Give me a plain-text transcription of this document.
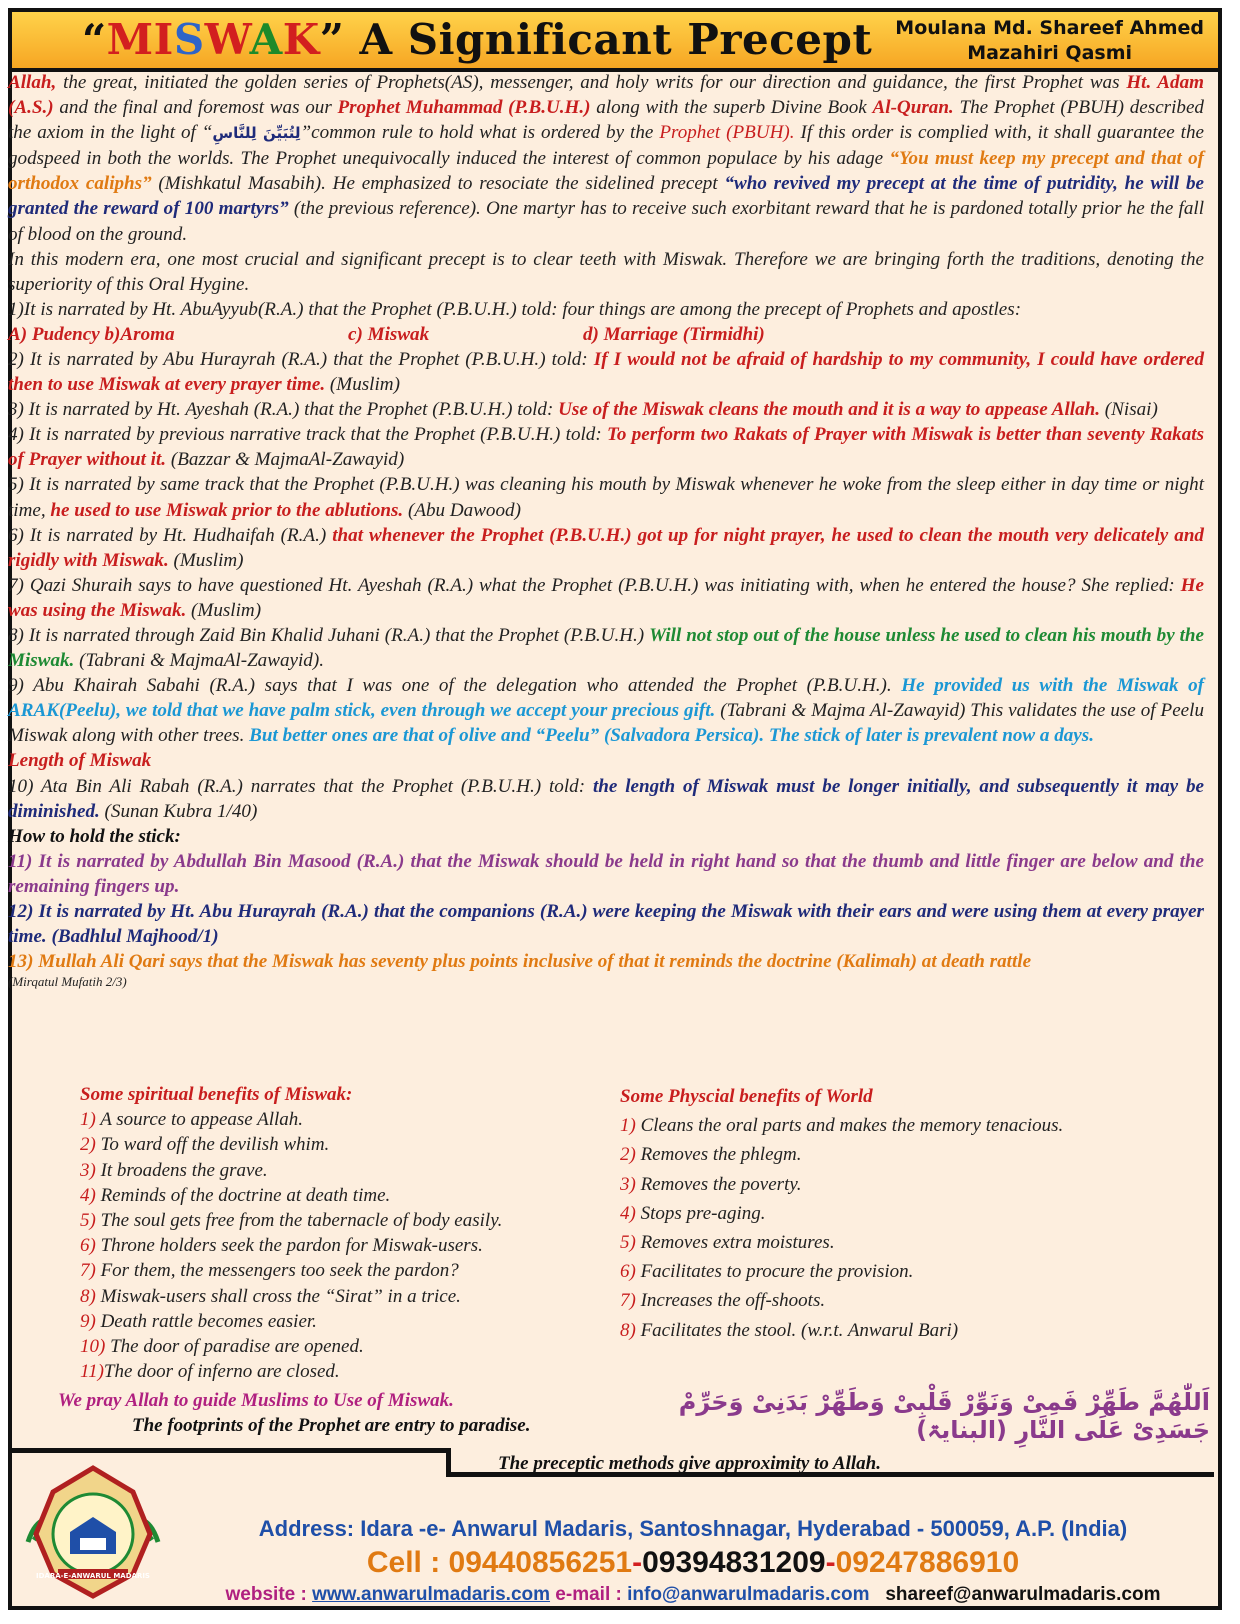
“MISWAK” A Significant Precept Moulana Md. Shareef Ahmed
Mazahiri Qasmi

Allah, the great, initiated the golden series of Prophets(AS), messenger, and holy writs for our direction and guidance, the first Prophet was Ht. Adam (A.S.) and the final and foremost was our Prophet Muhammad (P.B.U.H.) along with the superb Divine Book Al-Quran. The Prophet (PBUH) described the axiom in the light of “لِتُبَيِّنَ لِلنَّاسِ”common rule to hold what is ordered by the Prophet (PBUH). If this order is complied with, it shall guarantee the godspeed in both the worlds. The Prophet unequivocally induced the interest of common populace by his adage “You must keep my precept and that of orthodox caliphs” (Mishkatul Masabih). He emphasized to resociate the sidelined precept “who revived my precept at the time of putridity, he will be granted the reward of 100 martyrs” (the previous reference). One martyr has to receive such exorbitant reward that he is pardoned totally prior he the fall of blood on the ground.

In this modern era, one most crucial and significant precept is to clear teeth with Miswak. Therefore we are bringing forth the traditions, denoting the superiority of this Oral Hygine.

1)It is narrated by Ht. AbuAyyub(R.A.) that the Prophet (P.B.U.H.) told: four things are among the precept of Prophets and apostles:

A) Pudency b)Aroma	c) Miswak	d) Marriage (Tirmidhi)

2) It is narrated by Abu Hurayrah (R.A.) that the Prophet (P.B.U.H.) told: If I would not be afraid of hardship to my community, I could have ordered then to use Miswak at every prayer time. (Muslim)

3) It is narrated by Ht. Ayeshah (R.A.) that the Prophet (P.B.U.H.) told: Use of the Miswak cleans the mouth and it is a way to appease Allah. (Nisai)

4) It is narrated by previous narrative track that the Prophet (P.B.U.H.) told: To perform two Rakats of Prayer with Miswak is better than seventy Rakats of Prayer without it. (Bazzar & MajmaAl-Zawayid)

5) It is narrated by same track that the Prophet (P.B.U.H.) was cleaning his mouth by Miswak whenever he woke from the sleep either in day time or night time, he used to use Miswak prior to the ablutions. (Abu Dawood)

6) It is narrated by Ht. Hudhaifah (R.A.) that whenever the Prophet (P.B.U.H.) got up for night prayer, he used to clean the mouth very delicately and rigidly with Miswak. (Muslim)

7) Qazi Shuraih says to have questioned Ht. Ayeshah (R.A.) what the Prophet (P.B.U.H.) was initiating with, when he entered the house? She replied: He was using the Miswak. (Muslim)

8) It is narrated through Zaid Bin Khalid Juhani (R.A.) that the Prophet (P.B.U.H.) Will not stop out of the house unless he used to clean his mouth by the Miswak. (Tabrani & MajmaAl-Zawayid).

9) Abu Khairah Sabahi (R.A.) says that I was one of the delegation who attended the Prophet (P.B.U.H.). He provided us with the Miswak of ARAK(Peelu), we told that we have palm stick, even through we accept your precious gift. (Tabrani & Majma Al-Zawayid) This validates the use of Peelu Miswak along with other trees. But better ones are that of olive and “Peelu” (Salvadora Persica). The stick of later is prevalent now a days.

Length of Miswak

10) Ata Bin Ali Rabah (R.A.) narrates that the Prophet (P.B.U.H.) told: the length of Miswak must be longer initially, and subsequently it may be diminished. (Sunan Kubra 1/40)

How to hold the stick:

11) It is narrated by Abdullah Bin Masood (R.A.) that the Miswak should be held in right hand so that the thumb and little finger are below and the remaining fingers up.

12) It is narrated by Ht. Abu Hurayrah (R.A.) that the companions (R.A.) were keeping the Miswak with their ears and were using them at every prayer time. (Badhlul Majhood/1)

13) Mullah Ali Qari says that the Miswak has seventy plus points inclusive of that it reminds the doctrine (Kalimah) at death rattle

(Mirqatul Mufatih 2/3)

Some spiritual benefits of Miswak:
1) A source to appease Allah.
2) To ward off the devilish whim.
3) It broadens the grave.
4) Reminds of the doctrine at death time.
5) The soul gets free from the tabernacle of body easily.
6) Throne holders seek the pardon for Miswak-users.
7) For them, the messengers too seek the pardon?
8) Miswak-users shall cross the “Sirat” in a trice.
9) Death rattle becomes easier.
10) The door of paradise are opened.
11)The door of inferno are closed.
Some Physcial benefits of World
1) Cleans the oral parts and makes the memory tenacious.
2) Removes the phlegm.
3) Removes the poverty.
4) Stops pre-aging.
5) Removes extra moistures.
6) Facilitates to procure the provision.
7) Increases the off-shoots.
8) Facilitates the stool. (w.r.t. Anwarul Bari)
We pray Allah to guide Muslims to Use of Miswak.
The footprints of the Prophet are entry to paradise.
اَللّٰهُمَّ طَهِّرْ فَمِیْ وَنَوِّرْ قَلْبِیْ وَطَهِّرْ بَدَنِیْ وَحَرِّمْ جَسَدِیْ عَلَى النَّارِ (البنایۃ)
The preceptic methods give approximity to Allah.
IDARA-E-ANWARUL MADARIS
Address: Idara -e- Anwarul Madaris, Santoshnagar, Hyderabad - 500059, A.P. (India)
Cell : 09440856251-09394831209-09247886910
website : www.anwarulmadaris.com e-mail : info@anwarulmadaris.com shareef@anwarulmadaris.com
